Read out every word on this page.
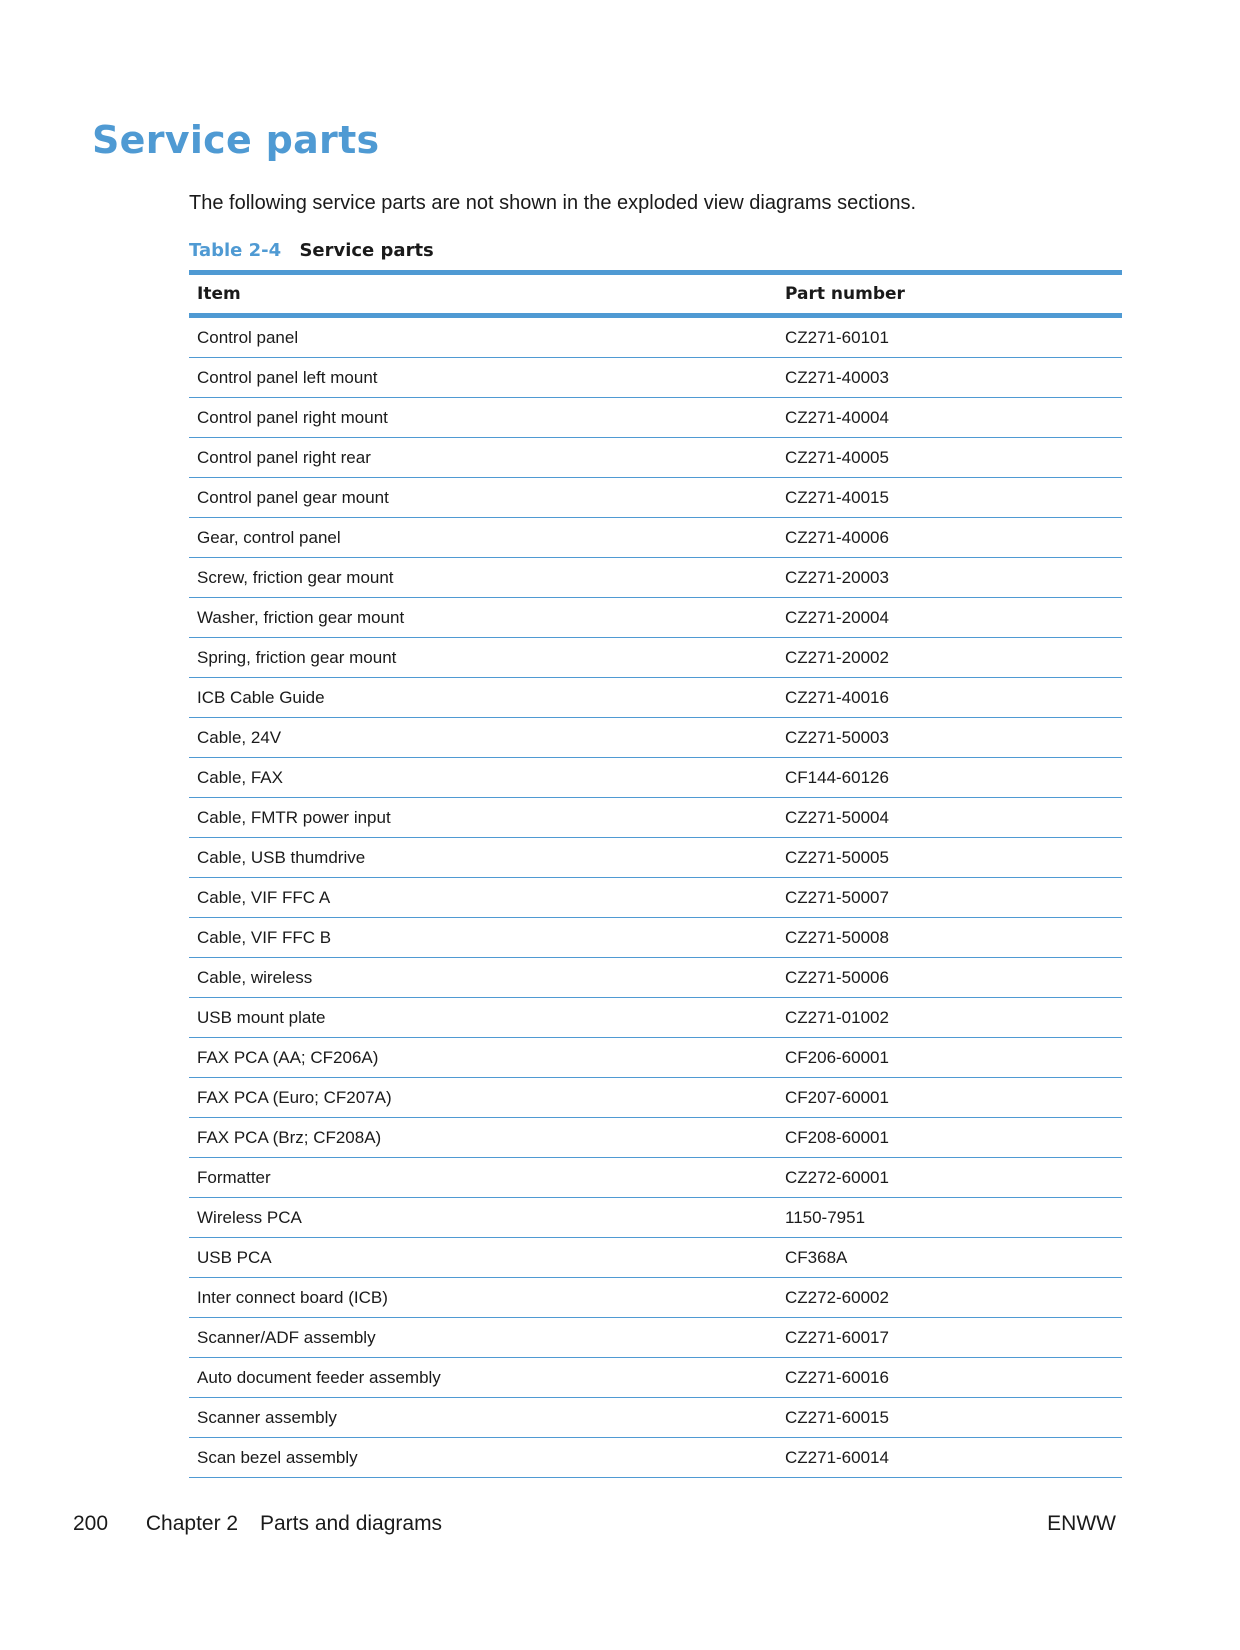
Service parts

The following service parts are not shown in the exploded view diagrams sections.

Table 2-4 Service parts
Item	Part number
Control panel	CZ271-60101
Control panel left mount	CZ271-40003
Control panel right mount	CZ271-40004
Control panel right rear	CZ271-40005
Control panel gear mount	CZ271-40015
Gear, control panel	CZ271-40006
Screw, friction gear mount	CZ271-20003
Washer, friction gear mount	CZ271-20004
Spring, friction gear mount	CZ271-20002
ICB Cable Guide	CZ271-40016
Cable, 24V	CZ271-50003
Cable, FAX	CF144-60126
Cable, FMTR power input	CZ271-50004
Cable, USB thumdrive	CZ271-50005
Cable, VIF FFC A	CZ271-50007
Cable, VIF FFC B	CZ271-50008
Cable, wireless	CZ271-50006
USB mount plate	CZ271-01002
FAX PCA (AA; CF206A)	CF206-60001
FAX PCA (Euro; CF207A)	CF207-60001
FAX PCA (Brz; CF208A)	CF208-60001
Formatter	CZ272-60001
Wireless PCA	1150-7951
USB PCA	CF368A
Inter connect board (ICB)	CZ272-60002
Scanner/ADF assembly	CZ271-60017
Auto document feeder assembly	CZ271-60016
Scanner assembly	CZ271-60015
Scan bezel assembly	CZ271-60014
200 Chapter 2 Parts and diagrams	ENWW
